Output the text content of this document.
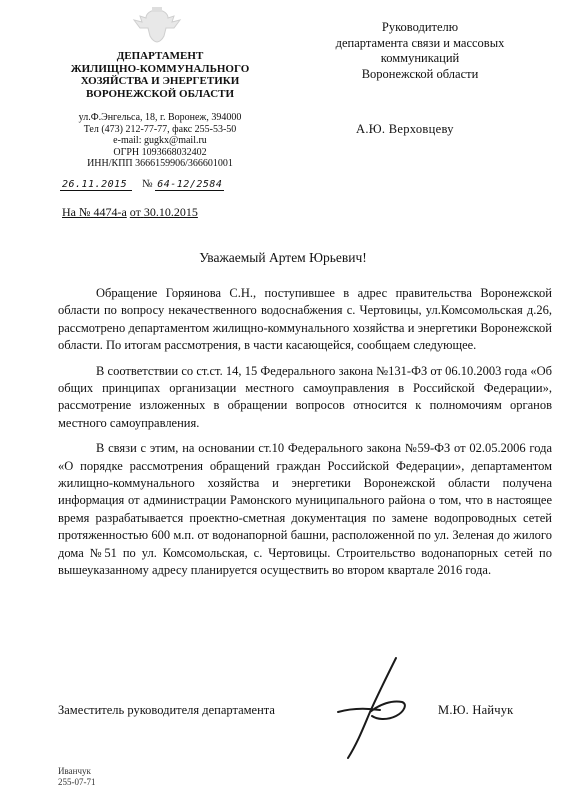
ДЕПАРТАМЕНТ
ЖИЛИЩНО-КОММУНАЛЬНОГО
ХОЗЯЙСТВА И ЭНЕРГЕТИКИ
ВОРОНЕЖСКОЙ ОБЛАСТИ
ул.Ф.Энгельса, 18, г. Воронеж, 394000
Тел (473) 212-77-77, факс 255-53-50
e-mail: gugkx@mail.ru
ОГРН 1093668032402
ИНН/КПП 3666159906/366601001
26.11.2015 № 64-12/2584
На № 4474-а от 30.10.2015
Руководителю
департамента связи и массовых
коммуникаций
Воронежской области
А.Ю. Верховцеву
Уважаемый Артем Юрьевич!

Обращение Горяинова С.Н., поступившее в адрес правительства Воронежской области по вопросу некачественного водоснабжения с. Чертовицы, ул.Комсомольская д.26, рассмотрено департаментом жилищно-коммунального хозяйства и энергетики Воронежской области. По итогам рассмотрения, в части касающейся, сообщаем следующее.

В соответствии со ст.ст. 14, 15 Федерального закона №131-ФЗ от 06.10.2003 года «Об общих принципах организации местного самоуправления в Российской Федерации», рассмотрение изложенных в обращении вопросов относится к полномочиям органов местного самоуправления.

В связи с этим, на основании ст.10 Федерального закона №59-ФЗ от 02.05.2006 года «О порядке рассмотрения обращений граждан Российской Федерации», департаментом жилищно-коммунального хозяйства и энергетики Воронежской области получена информация от администрации Рамонского муниципального района о том, что в настоящее время разрабатывается проектно-сметная документация по замене водопроводных сетей протяженностью 600 м.п. от водонапорной башни, расположенной по ул. Зеленая до жилого дома №51 по ул. Комсомольская, с. Чертовицы. Строительство водонапорных сетей по вышеуказанному адресу планируется осуществить во втором квартале 2016 года.

Заместитель руководителя департамента	М.Ю. Найчук
Иванчук
255-07-71
